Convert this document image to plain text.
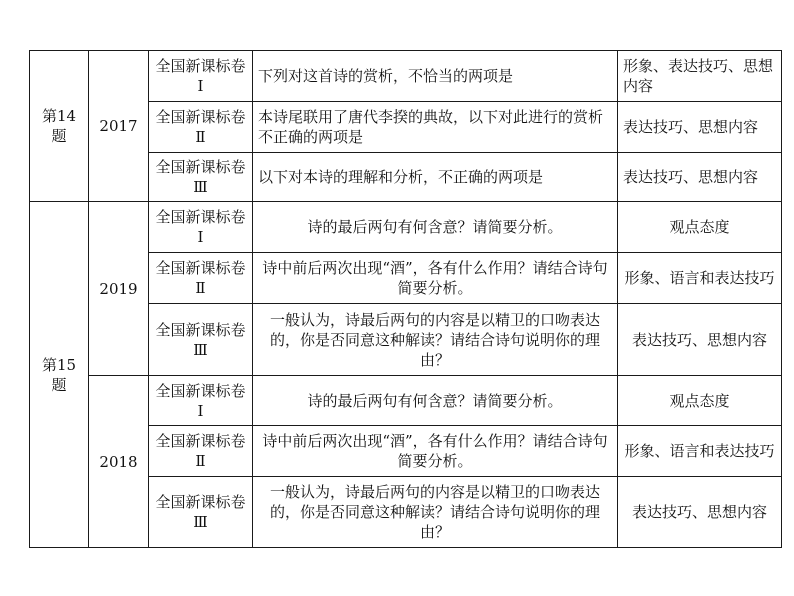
第14题	2017	全国新课标卷Ⅰ	下列对这首诗的赏析，不恰当的两项是	形象、表达技巧、思想内容
		全国新课标卷Ⅱ	本诗尾联用了唐代李揆的典故，以下对此进行的赏析不正确的两项是	表达技巧、思想内容
		全国新课标卷Ⅲ	以下对本诗的理解和分析，不正确的两项是	表达技巧、思想内容
第15题	2019	全国新课标卷Ⅰ	诗的最后两句有何含意？请简要分析。	观点态度
		全国新课标卷Ⅱ	诗中前后两次出现“酒”，各有什么作用？请结合诗句简要分析。	形象、语言和表达技巧
		全国新课标卷Ⅲ	一般认为，诗最后两句的内容是以精卫的口吻表达的，你是否同意这种解读？请结合诗句说明你的理由？	表达技巧、思想内容
	2018	全国新课标卷Ⅰ	诗的最后两句有何含意？请简要分析。	观点态度
		全国新课标卷Ⅱ	诗中前后两次出现“酒”，各有什么作用？请结合诗句简要分析。	形象、语言和表达技巧
		全国新课标卷Ⅲ	一般认为，诗最后两句的内容是以精卫的口吻表达的，你是否同意这种解读？请结合诗句说明你的理由？	表达技巧、思想内容
